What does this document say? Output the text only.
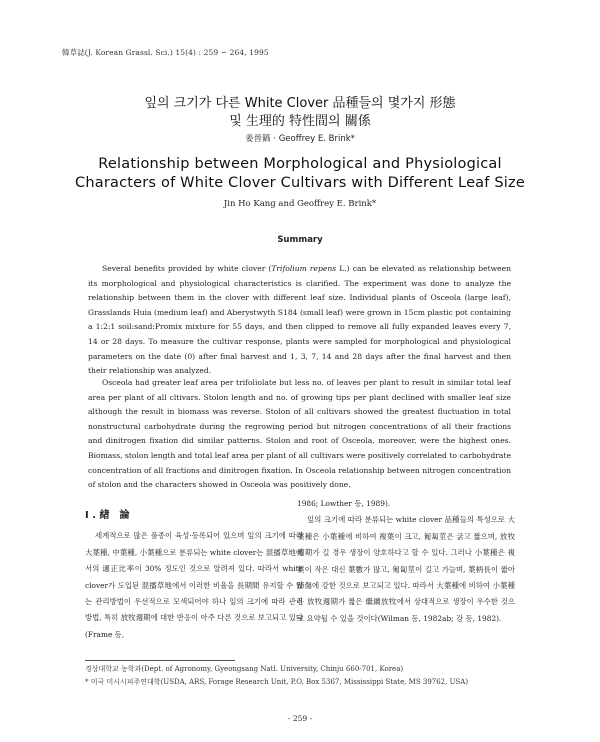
韓草誌(J. Korean Grassl. Sci.) 15(4) : 259 ~ 264, 1995
잎의 크기가 다른 White Clover 品種들의 몇가지 形態
및 生理的 特性間의 關係
姜晉鎬 · Geoffrey E. Brink*
Relationship between Morphological and Physiological
Characters of White Clover Cultivars with Different Leaf Size
Jin Ho Kang and Geoffrey E. Brink*
Summary

Several benefits provided by white clover (Trifolium repens L.) can be elevated as relationship between its morphological and physiological characteristics is clarified. The experiment was done to analyze the relationship between them in the clover with different leaf size. Individual plants of Osceola (large leaf), Grasslands Huia (medium leaf) and Aberystwyth S184 (small leaf) were grown in 15cm plastic pot containing a 1:2:1 soil:sand:Promix mixture for 55 days, and then clipped to remove all fully expanded leaves every 7, 14 or 28 days. To measure the cultivar response, plants were sampled for morphological and physiological parameters on the date (0) after final harvest and 1, 3, 7, 14 and 28 days after the final harvest and then their relationship was analyzed.

Osceola had greater leaf area per trifoliolate but less no. of leaves per plant to result in similar total leaf area per plant of all cltivars. Stolon length and no. of growing tips per plant declined with smaller leaf size although the result in biomass was reverse. Stolon of all cultivars showed the greatest fluctuation in total nonstructural carbohydrate during the regrowing period but nitrogen concentrations of all their fractions and dinitrogen fixation did similar patterns. Stolon and root of Osceola, moreover, were the highest ones. Biomass, stolon length and total leaf area per plant of all cultivars were positively correlated to carbohydrate concentration of all fractions and dinitrogen fixation. In Osceola relationship between nitrogen concentration of stolon and the characters showed in Osceola was positively done.

I . 緖　論

세계적으로 많은 품종이 육성·등록되어 있으며 잎의 크기에 따라 大葉種, 中葉種, 小葉種으로 분류되는 white clover는 混播草地에서의 適正比率이 30% 정도인 것으로 알려져 있다. 따라서 white clover가 도입된 混播草地에서 이러한 비율을 長期間 유지할 수 있는 관리방법이 우선적으로 모색되어야 하나 잎의 크기에 따라 관리방법, 특히 放牧週期에 대한 반응이 아주 다른 것으로 보고되고 있다(Frame 등,

1986; Lowther 등, 1989).

잎의 크기에 따라 분류되는 white clover 品種들의 특성으로 大葉種은 小葉種에 비하여 複葉이 크고, 匍匐莖은 굵고 짧으며, 放牧週期가 길 경우 생장이 양호하다고 할 수 있다. 그러나 小葉種은 複葉이 작은 대신 葉數가 많고, 匍匐莖이 길고 가늘며, 葉柄長이 짧아 蹄傷에 강한 것으로 보고되고 있다. 따라서 大葉種에 비하여 小葉種은 放牧週期가 짧은 繼續放牧에서 상대적으로 생장이 우수한 것으로 요약될 수 있을 것이다(Wilman 등, 1982ab; 강 등, 1982).

경상대학교 농학과(Dept. of Agronomy, Gyeongsang Natl. University, Chinju 660-701, Korea)
* 미국 미시시피주연대학(USDA, ARS, Forage Research Unit, P.O. Box 5367, Mississippi State, MS 39762, USA)
- 259 -
